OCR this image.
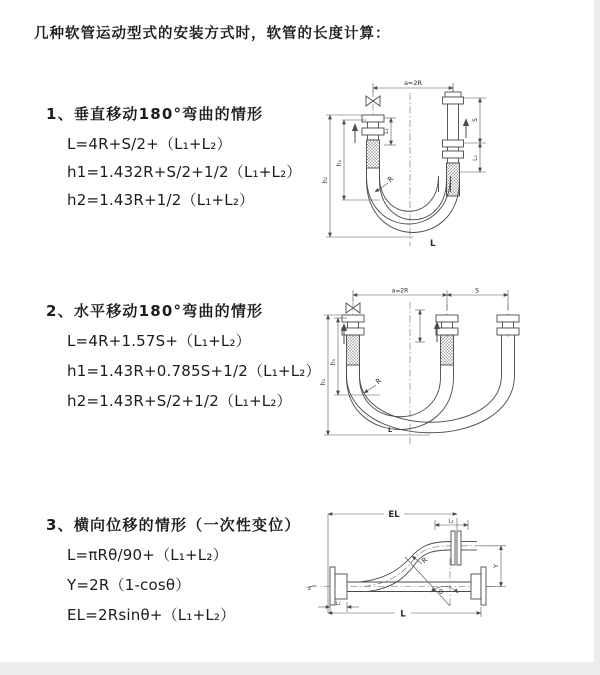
几种软管运动型式的安装方式时，软管的长度计算：
1、垂直移动180°弯曲的情形
L=4R+S/2+（L₁+L₂）
h1=1.432R+S/2+1/2（L₁+L₂）
h2=1.43R+1/2（L₁+L₂）
2、水平移动180°弯曲的情形
L=4R+1.57S+（L₁+L₂）
h1=1.43R+0.785S+1/2（L₁+L₂）
h2=1.43R+S/2+1/2（L₁+L₂）
3、横向位移的情形（一次性变位）
L=πRθ/90+（L₁+L₂）
Y=2R（1-cosθ）
EL=2Rsinθ+（L₁+L₂）
a=2R
h₂
h₁
S
L₂
L₁
R
L
a=2R	S
h₂
h₁
R
L
z	θ
R
EL
L₂
Y
L
L₁
